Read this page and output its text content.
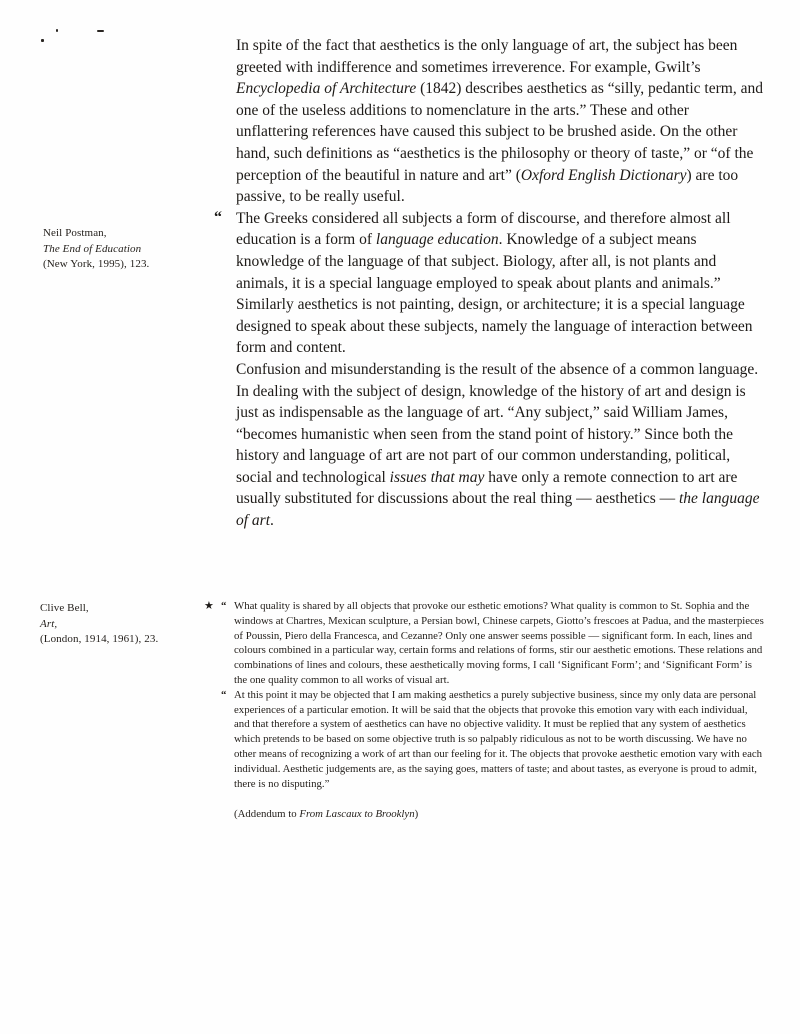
Neil Postman,
The End of Education
(New York, 1995), 123.
Clive Bell,
Art,
(London, 1914, 1961), 23.

In spite of the fact that aesthetics is the only language of art, the subject has been greeted with indifference and sometimes irreverence. For example, Gwilt’s Encyclopedia of Architecture (1842) describes aesthetics as “silly, pedantic term, and one of the useless additions to nomenclature in the arts.” These and other unflattering references have caused this subject to be brushed aside. On the other hand, such definitions as “aesthetics is the philosophy or theory of taste,” or “of the perception of the beautiful in nature and art” (Oxford English Dictionary) are too passive, to be really useful.

“ The Greeks considered all subjects a form of discourse, and therefore almost all education is a form of language education. Knowledge of a subject means knowledge of the language of that subject. Biology, after all, is not plants and animals, it is a special language employed to speak about plants and animals.” Similarly aesthetics is not painting, design, or architecture; it is a special language designed to speak about these subjects, namely the language of interaction between form and content.

Confusion and misunderstanding is the result of the absence of a common language. In dealing with the subject of design, knowledge of the history of art and design is just as indispensable as the language of art. “Any subject,” said William James, “becomes humanistic when seen from the stand point of history.” Since both the history and language of art are not part of our common understanding, political, social and technological issues that may have only a remote connection to art are usually substituted for discussions about the real thing — aesthetics — the language of art.

★ “ What quality is shared by all objects that provoke our esthetic emotions? What quality is common to St. Sophia and the windows at Chartres, Mexican sculpture, a Persian bowl, Chinese carpets, Giotto’s frescoes at Padua, and the masterpieces of Poussin, Piero della Francesca, and Cezanne? Only one answer seems possible — significant form. In each, lines and colours combined in a particular way, certain forms and relations of forms, stir our aesthetic emotions. These relations and combinations of lines and colours, these aesthetically moving forms, I call ‘Significant Form’; and ‘Significant Form’ is the one quality common to all works of visual art.

“ At this point it may be objected that I am making aesthetics a purely subjective business, since my only data are personal experiences of a particular emotion. It will be said that the objects that provoke this emotion vary with each individual, and that therefore a system of aesthetics can have no objective validity. It must be replied that any system of aesthetics which pretends to be based on some objective truth is so palpably ridiculous as not to be worth discussing. We have no other means of recognizing a work of art than our feeling for it. The objects that provoke aesthetic emotion vary with each individual. Aesthetic judgements are, as the saying goes, matters of taste; and about tastes, as everyone is proud to admit, there is no disputing.”

(Addendum to From Lascaux to Brooklyn)
